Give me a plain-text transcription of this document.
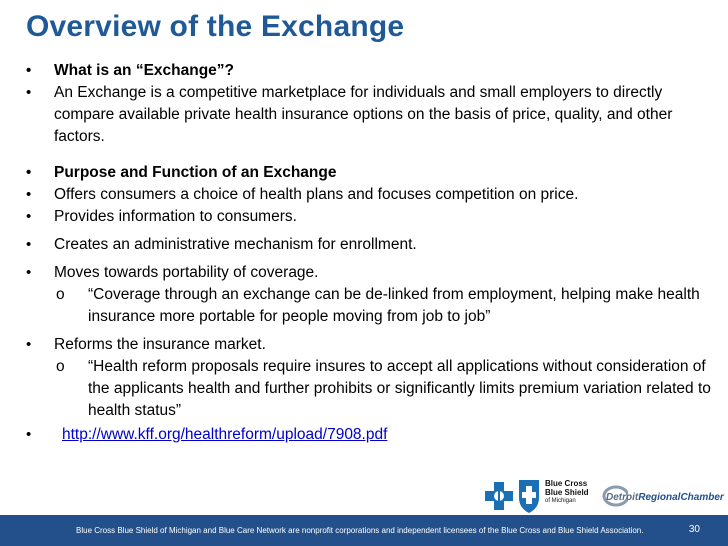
Overview of the Exchange
• What is an “Exchange”?
• An Exchange is a competitive marketplace for individuals and small employers to directly compare available private health insurance options on the basis of price, quality, and other factors.
• Purpose and Function of an Exchange
• Offers consumers a choice of health plans and focuses competition on price.
• Provides information to consumers.
• Creates an administrative mechanism for enrollment.
• Moves towards portability of coverage.
o “Coverage through an exchange can be de-linked from employment, helping make health insurance more portable for people moving from job to job”
• Reforms the insurance market.
o “Health reform proposals require insures to accept all applications without consideration of the applicants health and further prohibits or significantly limits premium variation related to health status”
• http://www.kff.org/healthreform/upload/7908.pdf
Blue Cross
Blue Shield
of Michigan	DetroitRegionalChamber
Blue Cross Blue Shield of Michigan and Blue Care Network are nonprofit corporations and independent licensees of the Blue Cross and Blue Shield Association.	30
